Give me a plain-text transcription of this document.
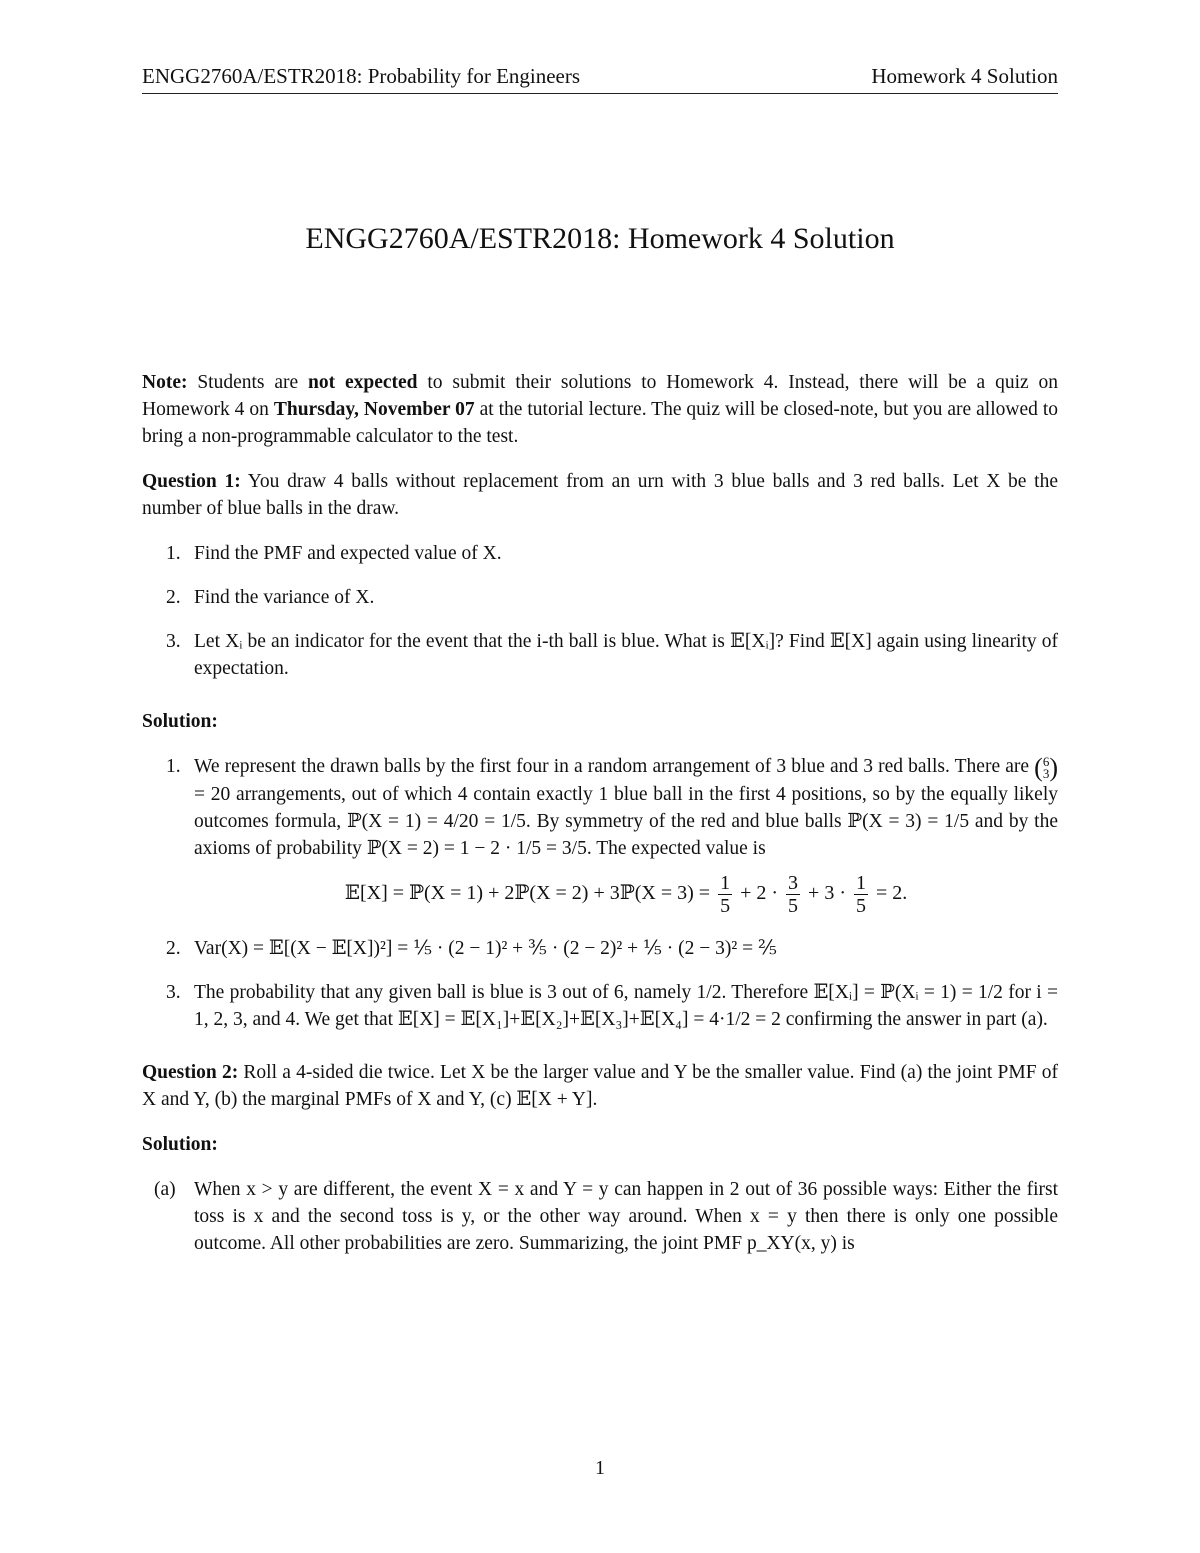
ENGG2760A/ESTR2018: Probability for Engineers	Homework 4 Solution
ENGG2760A/ESTR2018: Homework 4 Solution

Note: Students are not expected to submit their solutions to Homework 4. Instead, there will be a quiz on Homework 4 on Thursday, November 07 at the tutorial lecture. The quiz will be closed-note, but you are allowed to bring a non-programmable calculator to the test.

Question 1: You draw 4 balls without replacement from an urn with 3 blue balls and 3 red balls. Let X be the number of blue balls in the draw.

1. Find the PMF and expected value of X.
2. Find the variance of X.
3. Let Xᵢ be an indicator for the event that the i-th ball is blue. What is 𝔼[Xᵢ]? Find 𝔼[X] again using linearity of expectation.

Solution:

1. We represent the drawn balls by the first four in a random arrangement of 3 blue and 3 red balls. There are (6
3) = 20 arrangements, out of which 4 contain exactly 1 blue ball in the first 4 positions, so by the equally likely outcomes formula, ℙ(X = 1) = 4/20 = 1/5. By symmetry of the red and blue balls ℙ(X = 3) = 1/5 and by the axioms of probability ℙ(X = 2) = 1 − 2 · 1/5 = 3/5. The expected value is
𝔼[X] = ℙ(X = 1) + 2ℙ(X = 2) + 3ℙ(X = $3) = \frac{1}{5} + 2 \cdot \frac{3}{5} + 3 \cdot \frac{1}{5} = 2$.
2. Var(X) = 𝔼[(X − 𝔼[X])²] = ⅕ · (2 − 1)² + ⅗ · (2 − 2)² + ⅕ · (2 − 3)² = ⅖
3. The probability that any given ball is blue is 3 out of 6, namely 1/2. Therefore 𝔼[Xᵢ] = ℙ(Xᵢ = 1) = 1/2 for i = 1, 2, 3, and 4. We get that 𝔼[X] = 𝔼[X₁]+𝔼[X₂]+𝔼[X₃]+𝔼[X₄] = 4·1/2 = 2 confirming the answer in part (a).

Question 2: Roll a 4-sided die twice. Let X be the larger value and Y be the smaller value. Find (a) the joint PMF of X and Y, (b) the marginal PMFs of X and Y, (c) 𝔼[X + Y].

Solution:

(a) When x > y are different, the event X = x and Y = y can happen in 2 out of 36 possible ways: Either the first toss is x and the second toss is y, or the other way around. When x = y then there is only one possible outcome. All other probabilities are zero. Summarizing, the joint PMF p_XY(x, y) is
1
